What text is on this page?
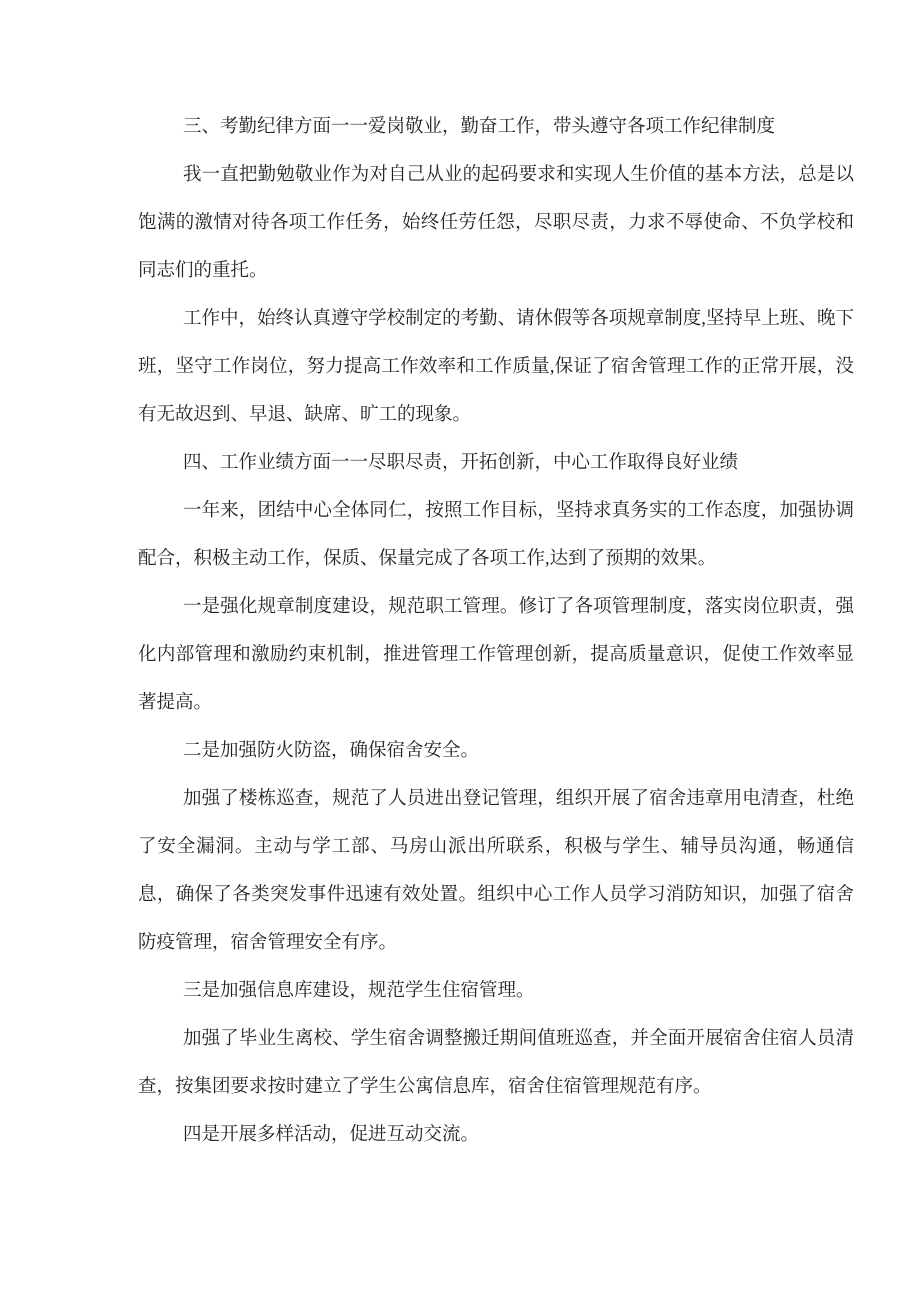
三、考勤纪律方面一一爱岗敬业，勤奋工作，带头遵守各项工作纪律制度

我一直把勤勉敬业作为对自己从业的起码要求和实现人生价值的基本方法，总是以饱满的激情对待各项工作任务，始终任劳任怨，尽职尽责，力求不辱使命、不负学校和同志们的重托。

工作中，始终认真遵守学校制定的考勤、请休假等各项规章制度,坚持早上班、晚下班，坚守工作岗位，努力提高工作效率和工作质量,保证了宿舍管理工作的正常开展，没有无故迟到、早退、缺席、旷工的现象。

四、工作业绩方面一一尽职尽责，开拓创新，中心工作取得良好业绩

一年来，团结中心全体同仁，按照工作目标，坚持求真务实的工作态度，加强协调配合，积极主动工作，保质、保量完成了各项工作,达到了预期的效果。

一是强化规章制度建设，规范职工管理。修订了各项管理制度，落实岗位职责，强化内部管理和激励约束机制，推进管理工作管理创新，提高质量意识，促使工作效率显著提高。

二是加强防火防盗，确保宿舍安全。

加强了楼栋巡查，规范了人员进出登记管理，组织开展了宿舍违章用电清查，杜绝了安全漏洞。主动与学工部、马房山派出所联系，积极与学生、辅导员沟通，畅通信息，确保了各类突发事件迅速有效处置。组织中心工作人员学习消防知识，加强了宿舍防疫管理，宿舍管理安全有序。

三是加强信息库建设，规范学生住宿管理。

加强了毕业生离校、学生宿舍调整搬迁期间值班巡查，并全面开展宿舍住宿人员清查，按集团要求按时建立了学生公寓信息库，宿舍住宿管理规范有序。

四是开展多样活动，促进互动交流。
